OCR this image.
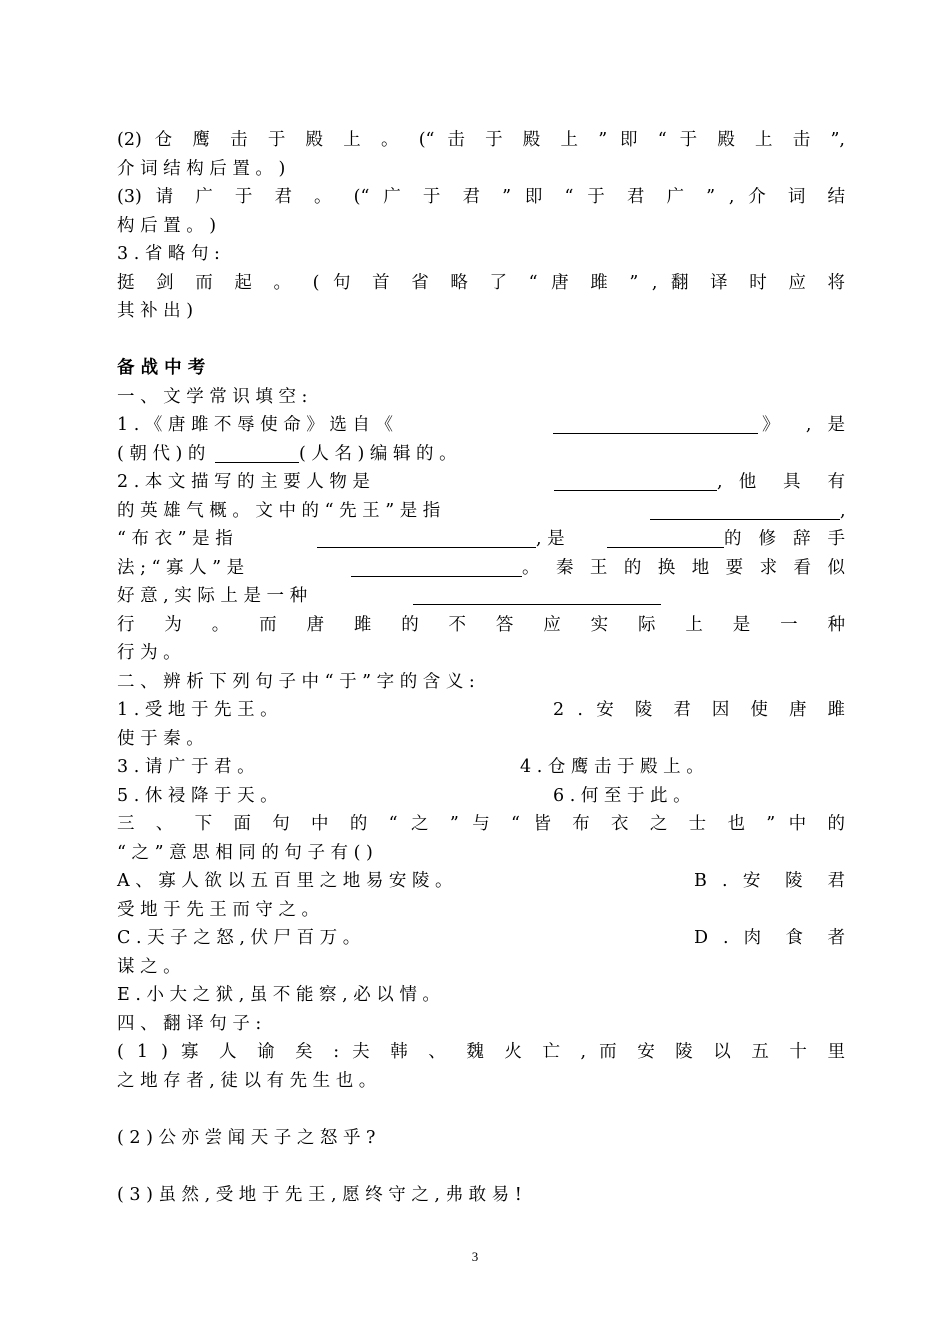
(2) 仓 鹰 击 于 殿 上 。 (“ 击 于 殿 上 ” 即 “ 于 殿 上 击 ”,
介 词 结 构 后 置 。 )
(3) 请 广 于 君 。 (“ 广 于 君 ” 即 “ 于 君 广 ” , 介 词 结
构 后 置 。 )
3 . 省 略 句 :
挺 剑 而 起 。 ( 句 首 省 略 了 “ 唐 雎 ” , 翻 译 时 应 将
其 补 出 )
备 战 中 考
一 、 文 学 常 识 填 空 :
1 . 《 唐 雎 不 辱 使 命 》 选 自 《	》 , 是
( 朝 代 ) 的	( 人 名 ) 编 辑 的 。
2 . 本 文 描 写 的 主 要 人 物 是	, 他 具 有
的 英 雄 气 概 。 文 中 的 “ 先 王 ” 是 指	,
“ 布 衣 ” 是 指	, 是	的 修 辞 手
法 ; “ 寡 人 ” 是	。 秦 王 的 换 地 要 求 看 似
好 意 , 实 际 上 是 一 种
行 为 。 而 唐 雎 的 不 答 应 实 际 上 是 一 种
行 为 。
二 、 辨 析 下 列 句 子 中 “ 于 ” 字 的 含 义 :
1 . 受 地 于 先 王 。	2 . 安 陵 君 因 使 唐 雎
使 于 秦 。
3 . 请 广 于 君 。	4 . 仓 鹰 击 于 殿 上 。
5 . 休 祲 降 于 天 。	6 . 何 至 于 此 。
三 、 下 面 句 中 的 “ 之 ” 与 “ 皆 布 衣 之 士 也 ” 中 的
“ 之 ” 意 思 相 同 的 句 子 有 ( )
A 、 寡 人 欲 以 五 百 里 之 地 易 安 陵 。	B . 安 陵 君
受 地 于 先 王 而 守 之 。
C . 天 子 之 怒 , 伏 尸 百 万 。	D . 肉 食 者
谋 之 。
E . 小 大 之 狱 , 虽 不 能 察 , 必 以 情 。
四 、 翻 译 句 子 :
( 1 ) 寡 人 谕 矣 : 夫 韩 、 魏 火 亡 , 而 安 陵 以 五 十 里
之 地 存 者 , 徒 以 有 先 生 也 。
( 2 ) 公 亦 尝 闻 天 子 之 怒 乎 ?
( 3 ) 虽 然 , 受 地 于 先 王 , 愿 终 守 之 , 弗 敢 易 !
3
